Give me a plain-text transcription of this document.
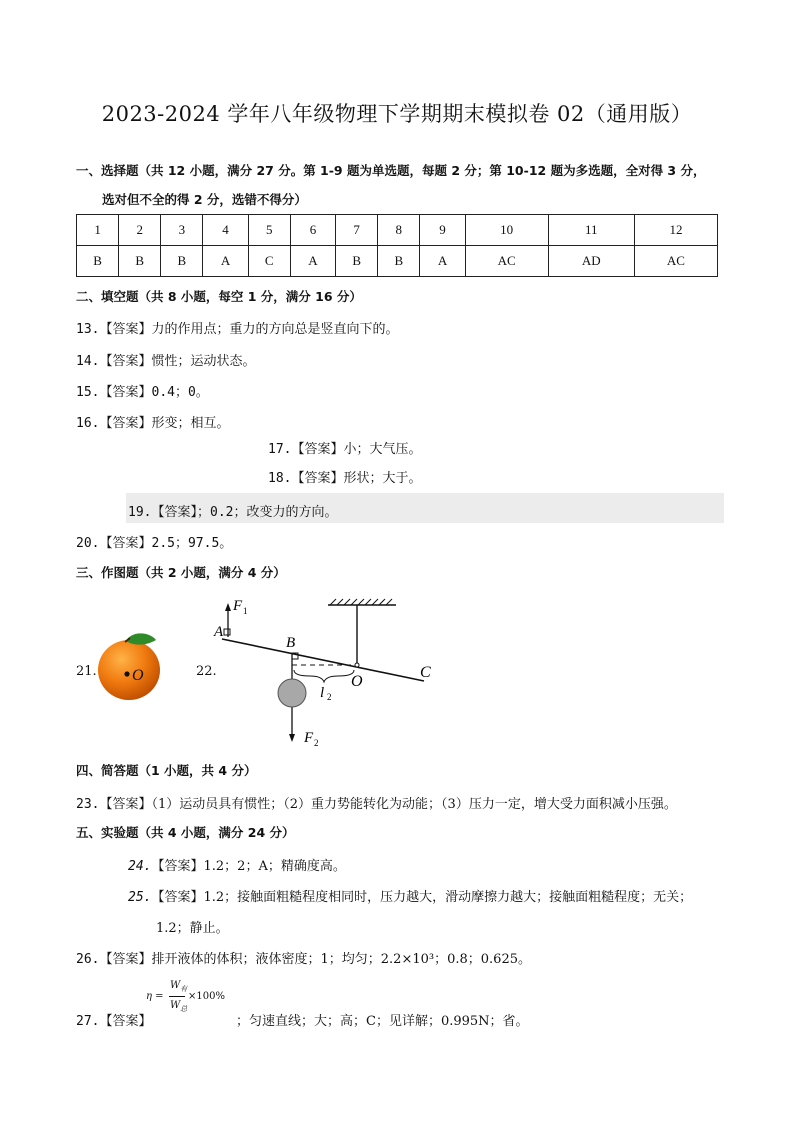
2023-2024 学年八年级物理下学期期末模拟卷 02（通用版）
一、选择题（共 12 小题，满分 27 分。第 1-9 题为单选题，每题 2 分；第 10-12 题为多选题，全对得 3 分，
选对但不全的得 2 分，选错不得分）
1	2	3	4	5	6	7	8	9	10	11	12
B	B	B	A	C	A	B	B	A	AC	AD	AC
二、填空题（共 8 小题，每空 1 分，满分 16 分）
13.【答案】力的作用点；重力的方向总是竖直向下的。
14.【答案】惯性；运动状态。
15.【答案】0.4；0。
16.【答案】形变；相互。
17.【答案】小；大气压。
18.【答案】形状；大于。
19.【答案】；0.2；改变力的方向。
20.【答案】2.5；97.5。
三、作图题（共 2 小题，满分 4 分）
21. O	22.
F 1
A
B
F 2
l 2
O
C
四、简答题（1 小题，共 4 分）
23.【答案】（1）运动员具有惯性；（2）重力势能转化为动能；（3）压力一定，增大受力面积减小压强。
五、实验题（共 4 小题，满分 24 分）
24.【答案】1.2；2；A；精确度高。
25.【答案】1.2；接触面粗糙程度相同时，压力越大，滑动摩擦力越大；接触面粗糙程度；无关；
1.2；静止。
26.【答案】排开液体的体积；液体密度；1；均匀；2.2×10³；0.8；0.625。
27.【答案】
η =
$W_有$
$W_总$
×100%
；匀速直线；大；高；C；见详解；0.995N；省。
